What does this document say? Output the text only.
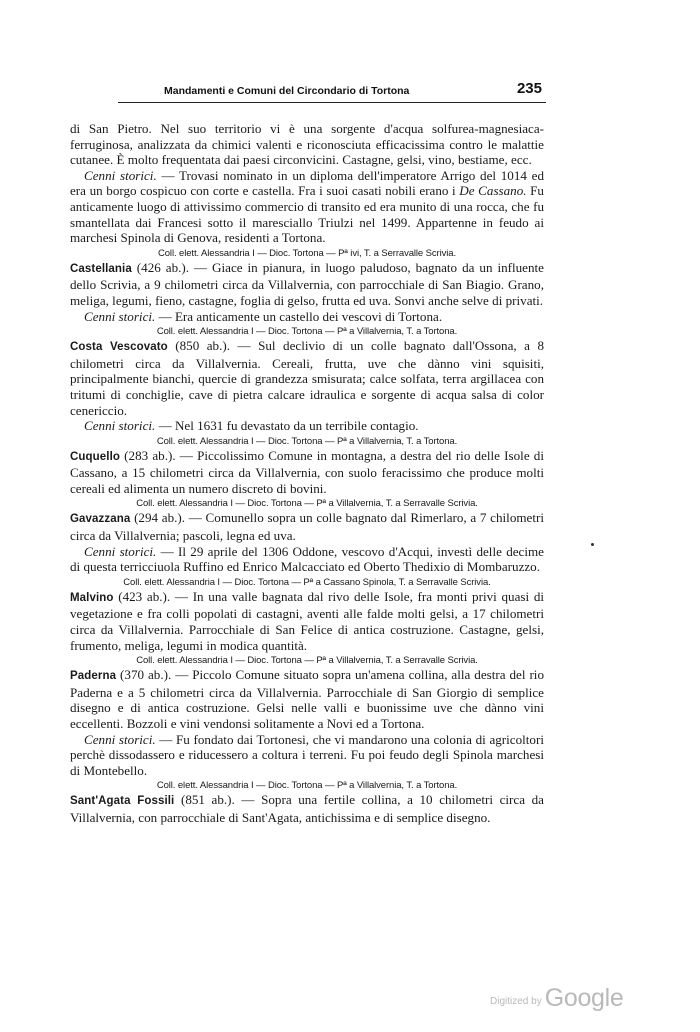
Mandamenti e Comuni del Circondario di Tortona	235

di San Pietro. Nel suo territorio vi è una sorgente d'acqua solfurea-magnesiaca-ferruginosa, analizzata da chimici valenti e riconosciuta efficacissima contro le malattie cutanee. È molto frequentata dai paesi circonvicini. Castagne, gelsi, vino, bestiame, ecc.

Cenni storici. — Trovasi nominato in un diploma dell'imperatore Arrigo del 1014 ed era un borgo cospicuo con corte e castella. Fra i suoi casati nobili erano i De Cassano. Fu anticamente luogo di attivissimo commercio di transito ed era munito di una rocca, che fu smantellata dai Francesi sotto il maresciallo Triulzi nel 1499. Appartenne in feudo ai marchesi Spinola di Genova, residenti a Tortona.

Coll. elett. Alessandria I — Dioc. Tortona — Pª ivi, T. a Serravalle Scrivia.

Castellania (426 ab.). — Giace in pianura, in luogo paludoso, bagnato da un influente dello Scrivia, a 9 chilometri circa da Villalvernia, con parrocchiale di San Biagio. Grano, meliga, legumi, fieno, castagne, foglia di gelso, frutta ed uva. Sonvi anche selve di privati.

Cenni storici. — Era anticamente un castello dei vescovi di Tortona.

Coll. elett. Alessandria I — Dioc. Tortona — Pª a Villalvernia, T. a Tortona.

Costa Vescovato (850 ab.). — Sul declivio di un colle bagnato dall'Ossona, a 8 chilometri circa da Villalvernia. Cereali, frutta, uve che dànno vini squisiti, principalmente bianchi, quercie di grandezza smisurata; calce solfata, terra argillacea con tritumi di conchiglie, cave di pietra calcare idraulica e sorgente di acqua salsa di color cenericcio.

Cenni storici. — Nel 1631 fu devastato da un terribile contagio.

Coll. elett. Alessandria I — Dioc. Tortona — Pª a Villalvernia, T. a Tortona.

Cuquello (283 ab.). — Piccolissimo Comune in montagna, a destra del rio delle Isole di Cassano, a 15 chilometri circa da Villalvernia, con suolo feracissimo che produce molti cereali ed alimenta un numero discreto di bovini.

Coll. elett. Alessandria I — Dioc. Tortona — Pª a Villalvernia, T. a Serravalle Scrivia.

Gavazzana (294 ab.). — Comunello sopra un colle bagnato dal Rimerlaro, a 7 chilometri circa da Villalvernia; pascoli, legna ed uva.

Cenni storici. — Il 29 aprile del 1306 Oddone, vescovo d'Acqui, investì delle decime di questa terricciuola Ruffino ed Enrico Malcacciato ed Oberto Thedixio di Mombaruzzo.

Coll. elett. Alessandria I — Dioc. Tortona — Pª a Cassano Spinola, T. a Serravalle Scrivia.

Malvino (423 ab.). — In una valle bagnata dal rivo delle Isole, fra monti privi quasi di vegetazione e fra colli popolati di castagni, aventi alle falde molti gelsi, a 17 chilometri circa da Villalvernia. Parrocchiale di San Felice di antica costruzione. Castagne, gelsi, frumento, meliga, legumi in modica quantità.

Coll. elett. Alessandria I — Dioc. Tortona — Pª a Villalvernia, T. a Serravalle Scrivia.

Paderna (370 ab.). — Piccolo Comune situato sopra un'amena collina, alla destra del rio Paderna e a 5 chilometri circa da Villalvernia. Parrocchiale di San Giorgio di semplice disegno e di antica costruzione. Gelsi nelle valli e buonissime uve che dànno vini eccellenti. Bozzoli e vini vendonsi solitamente a Novi ed a Tortona.

Cenni storici. — Fu fondato dai Tortonesi, che vi mandarono una colonia di agricoltori perchè dissodassero e riducessero a coltura i terreni. Fu poi feudo degli Spinola marchesi di Montebello.

Coll. elett. Alessandria I — Dioc. Tortona — Pª a Villalvernia, T. a Tortona.

Sant'Agata Fossili (851 ab.). — Sopra una fertile collina, a 10 chilometri circa da Villalvernia, con parrocchiale di Sant'Agata, antichissima e di semplice disegno.

Digitized by Google
